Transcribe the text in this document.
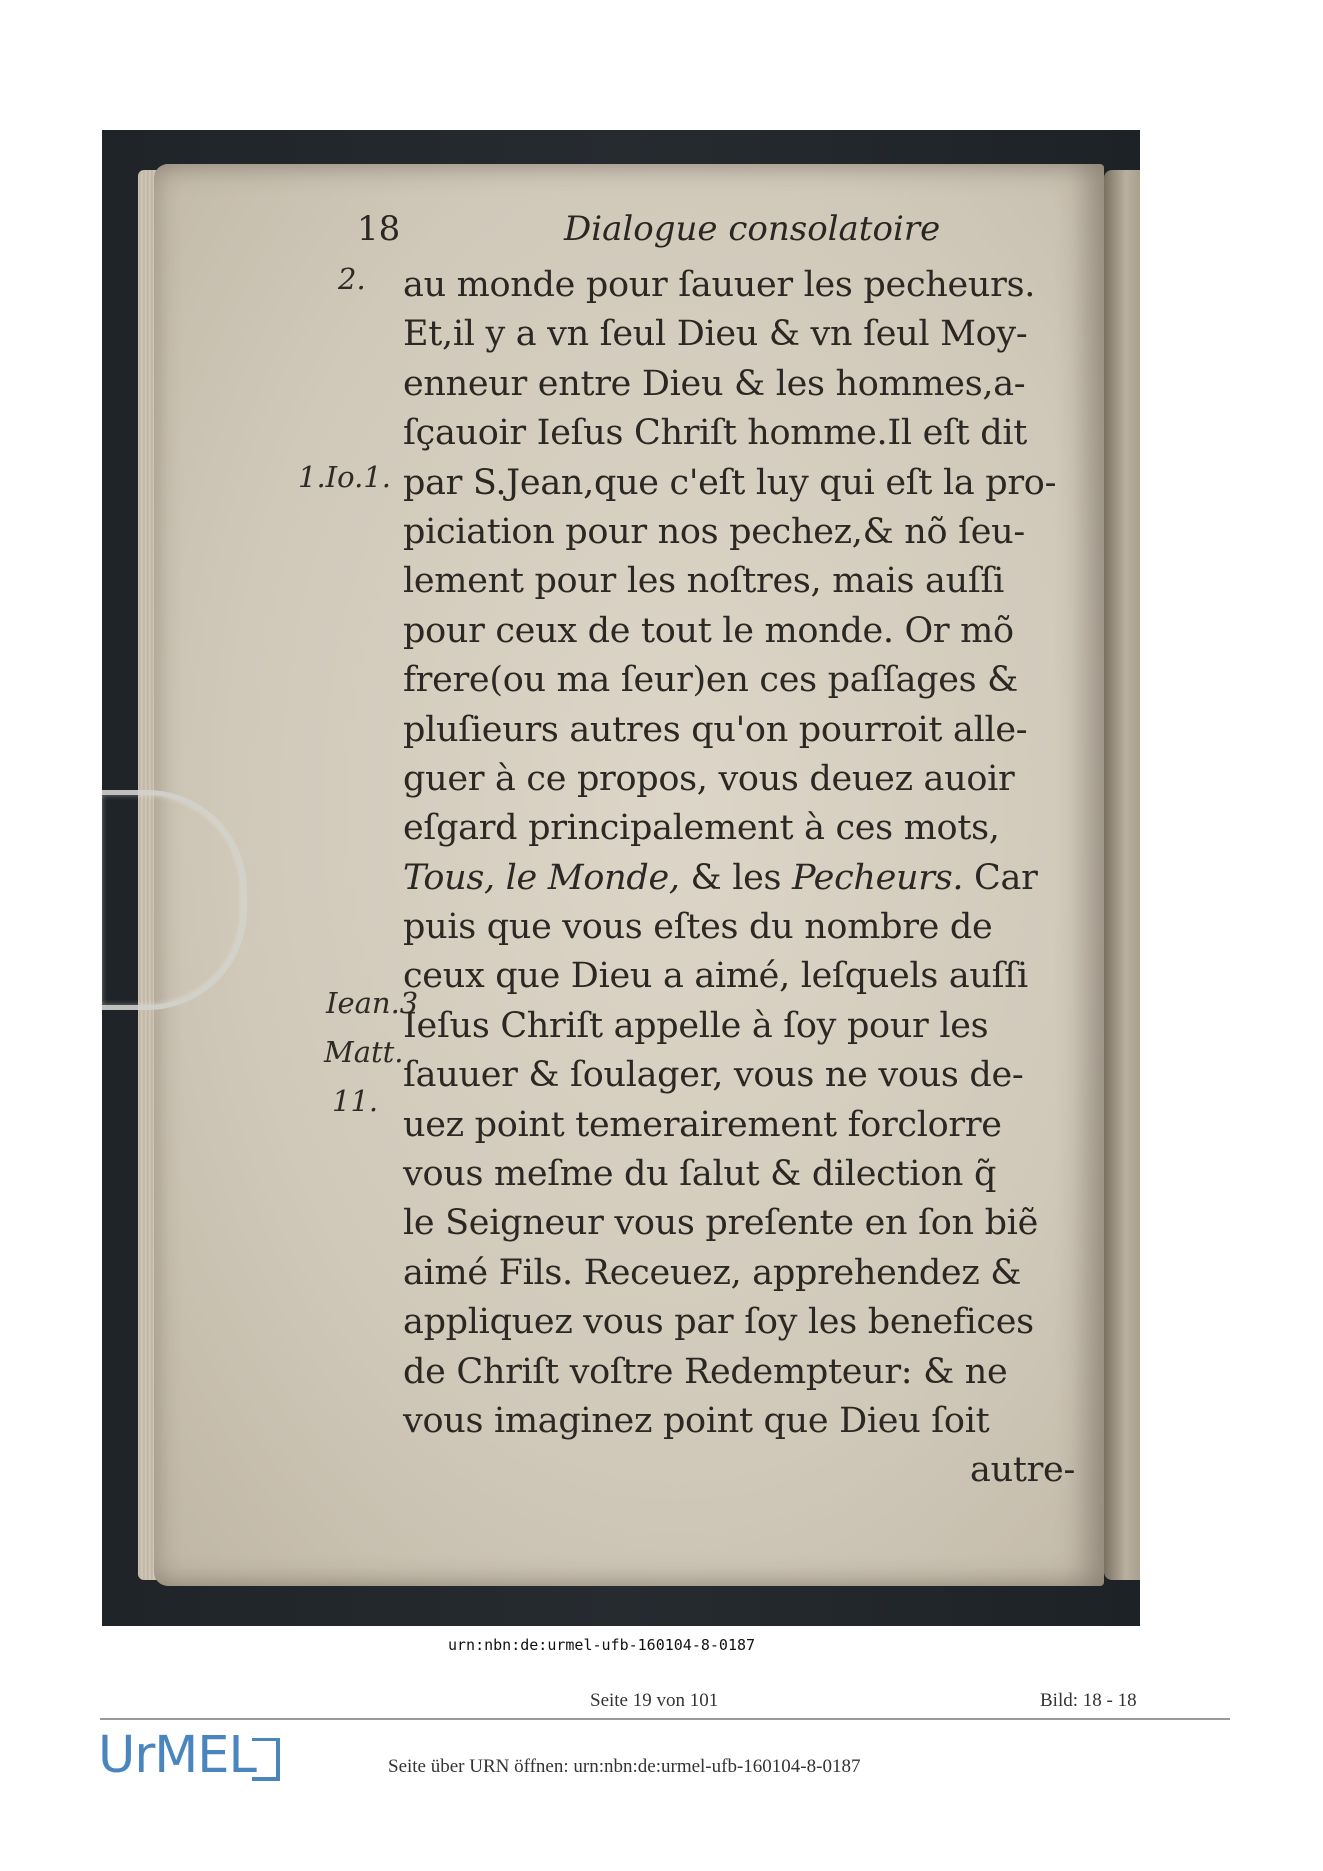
18	Dialogue consolatoire
2.
1.Io.1.
Iean.3
Matt.
11.
au monde pour ſauuer les pecheurs.
Et,il y a vn ſeul Dieu & vn ſeul Moy-
enneur entre Dieu & les hommes,a-
ſçauoir Ieſus Chriſt homme.Il eſt dit
par S.Jean,que c'eſt luy qui eſt la pro-
piciation pour nos pechez,& nõ ſeu-
lement pour les noſtres, mais auſſi
pour ceux de tout le monde. Or mõ
frere(ou ma ſeur)en ces paſſages &
pluſieurs autres qu'on pourroit alle-
guer à ce propos, vous deuez auoir
eſgard principalement à ces mots,
Tous, le Monde, & les Pecheurs. Car
puis que vous eſtes du nombre de
ceux que Dieu a aimé, leſquels auſſi
Ieſus Chriſt appelle à ſoy pour les
ſauuer & ſoulager, vous ne vous de-
uez point temerairement forclorre
vous meſme du ſalut & dilection q̃
le Seigneur vous preſente en ſon biẽ
aimé Fils. Receuez, apprehendez &
appliquez vous par ſoy les benefices
de Chriſt voſtre Redempteur: & ne
vous imaginez point que Dieu ſoit
autre-
urn:nbn:de:urmel-ufb-160104-8-0187
Seite 19 von 101	Bild: 18 - 18
UrMEL	Seite über URN öffnen: urn:nbn:de:urmel-ufb-160104-8-0187
